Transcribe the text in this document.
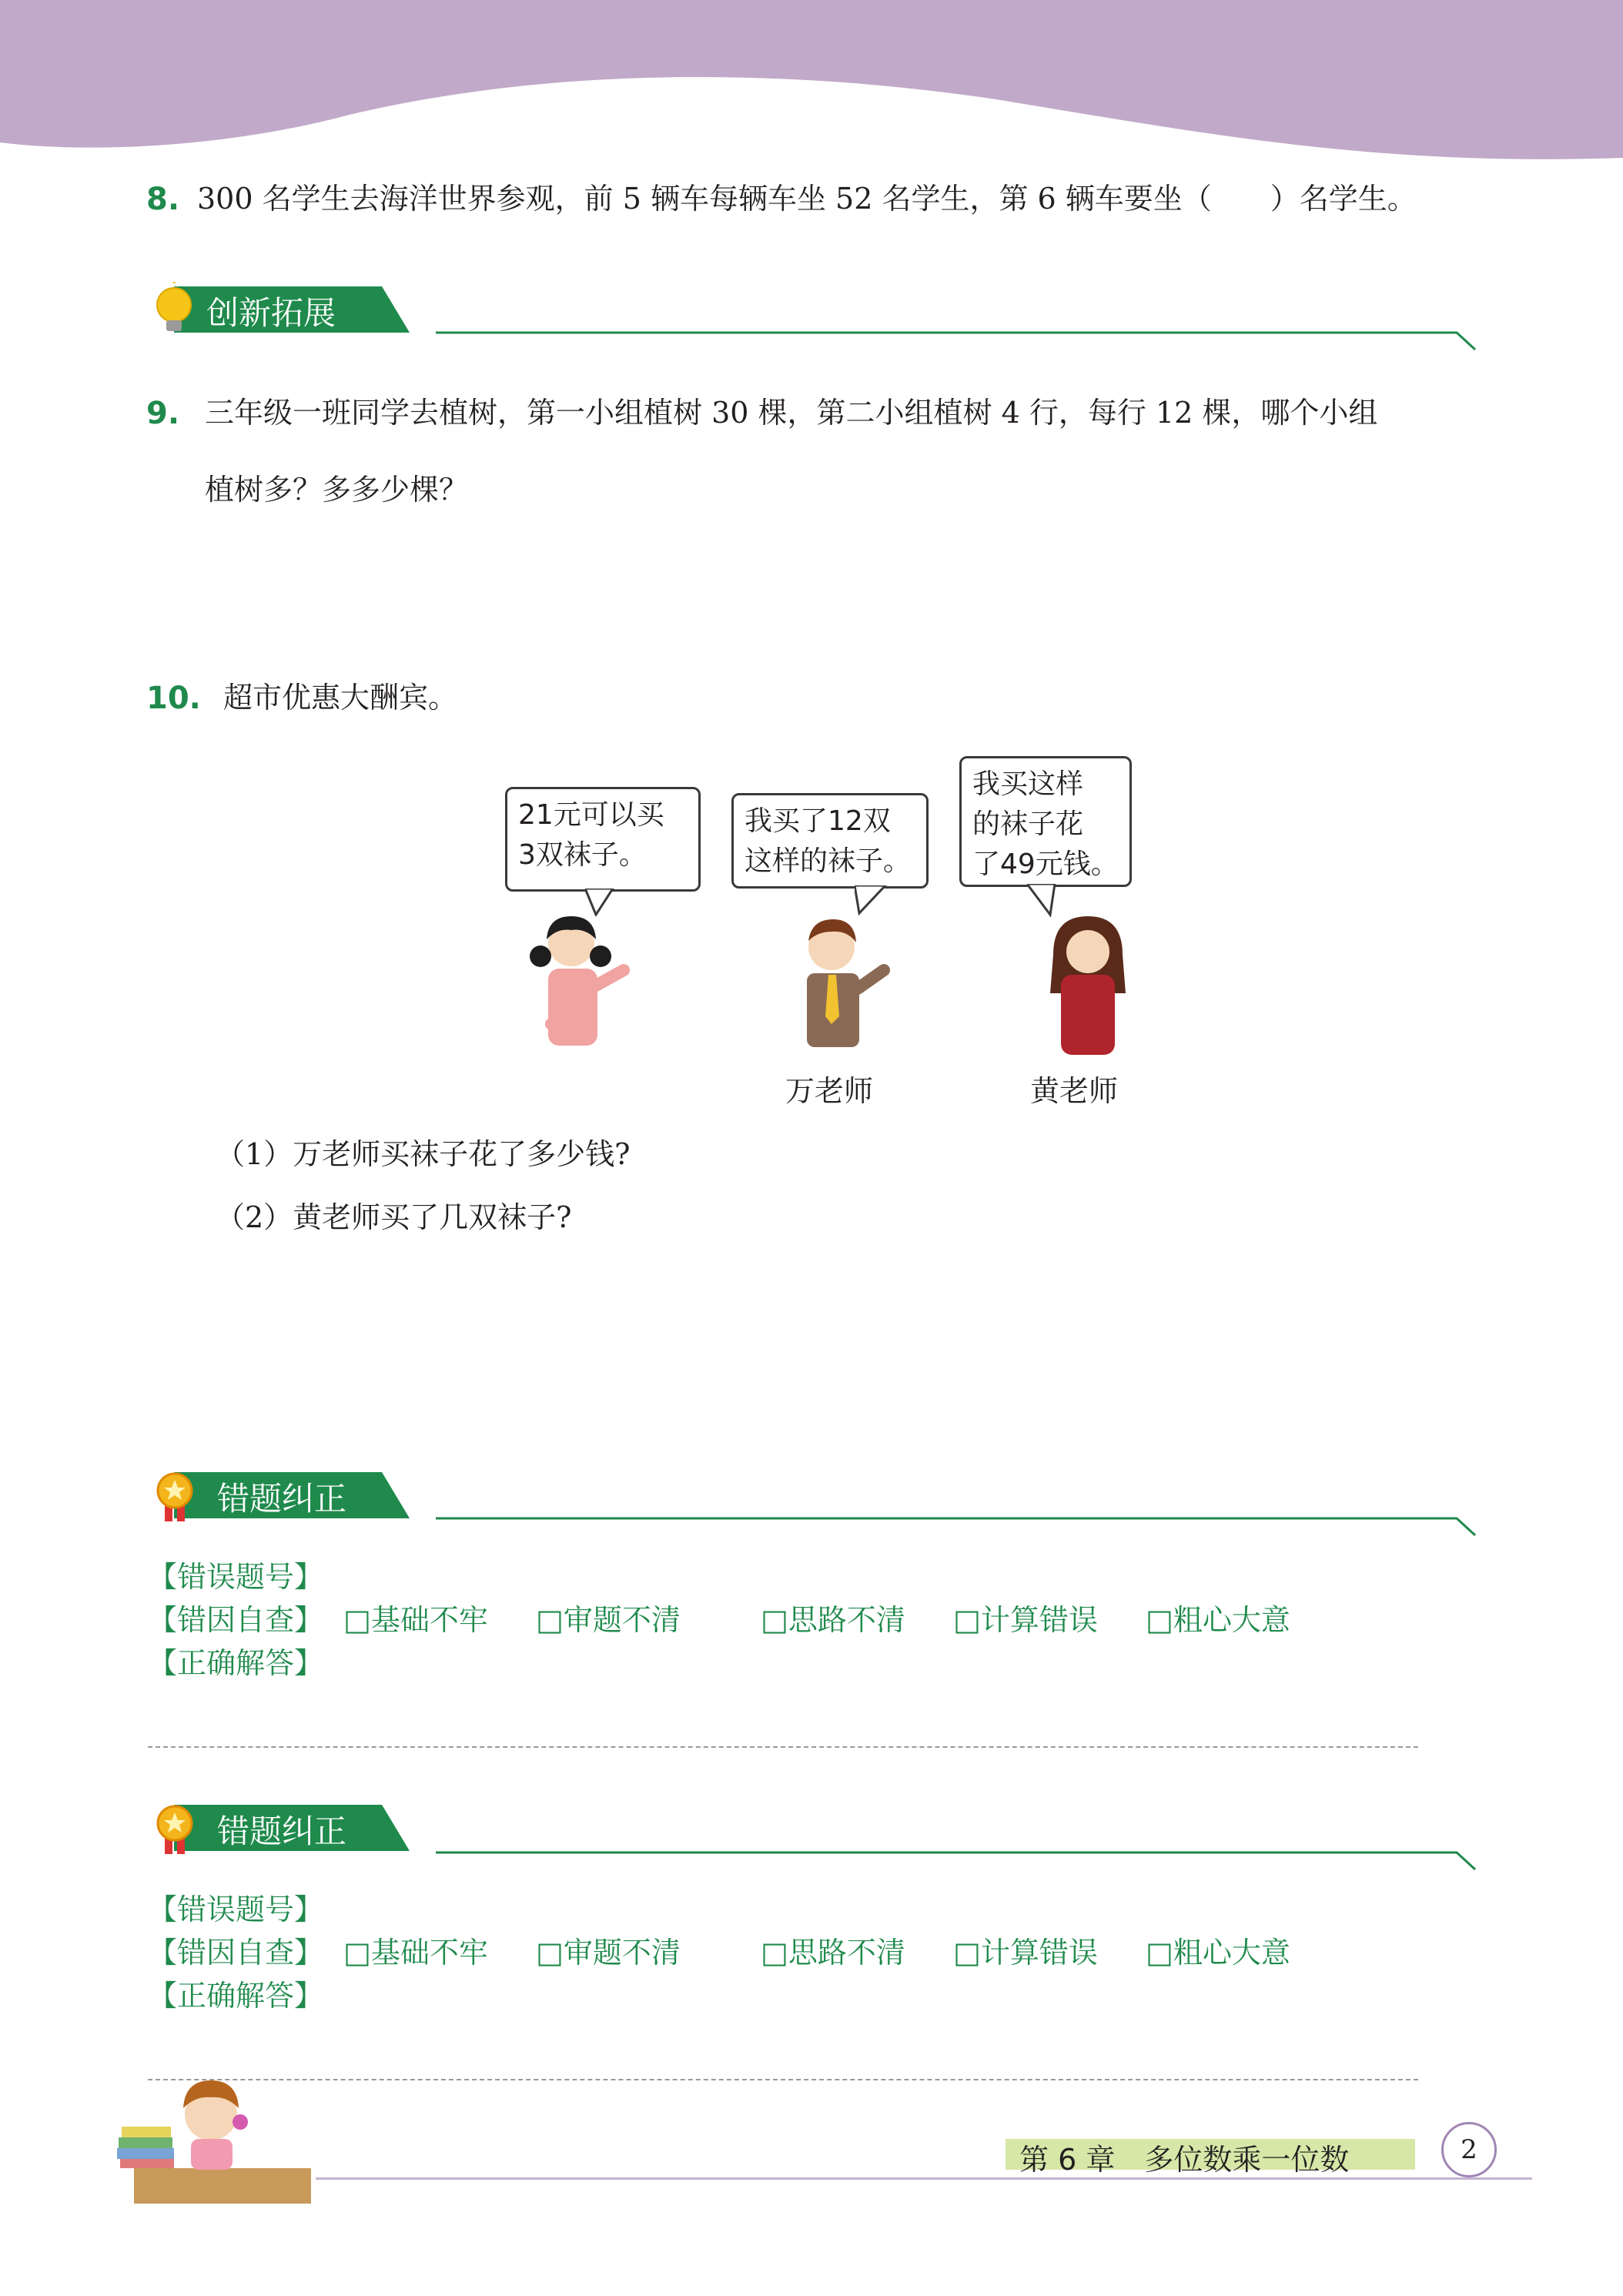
8. 300 名学生去海洋世界参观，前 5 辆车每辆车坐 52 名学生，第 6 辆车要坐（　　）名学生。
创新拓展
9. 三年级一班同学去植树，第一小组植树 30 棵，第二小组植树 4 行，每行 12 棵，哪个小组
植树多？多多少棵？
10. 超市优惠大酬宾。
21元可以买
3双袜子。
我买了12双
这样的袜子。
我买这样
的袜子花
了49元钱。
万老师	黄老师
（1）万老师买袜子花了多少钱?
（2）黄老师买了几双袜子?
错题纠正
【错误题号】
【错因自查】 □基础不牢 □审题不清	□思路不清 □计算错误 □粗心大意
【正确解答】
错题纠正
【错误题号】
【错因自查】 □基础不牢 □审题不清	□思路不清 □计算错误 □粗心大意
【正确解答】
第 6 章　多位数乘一位数	2
